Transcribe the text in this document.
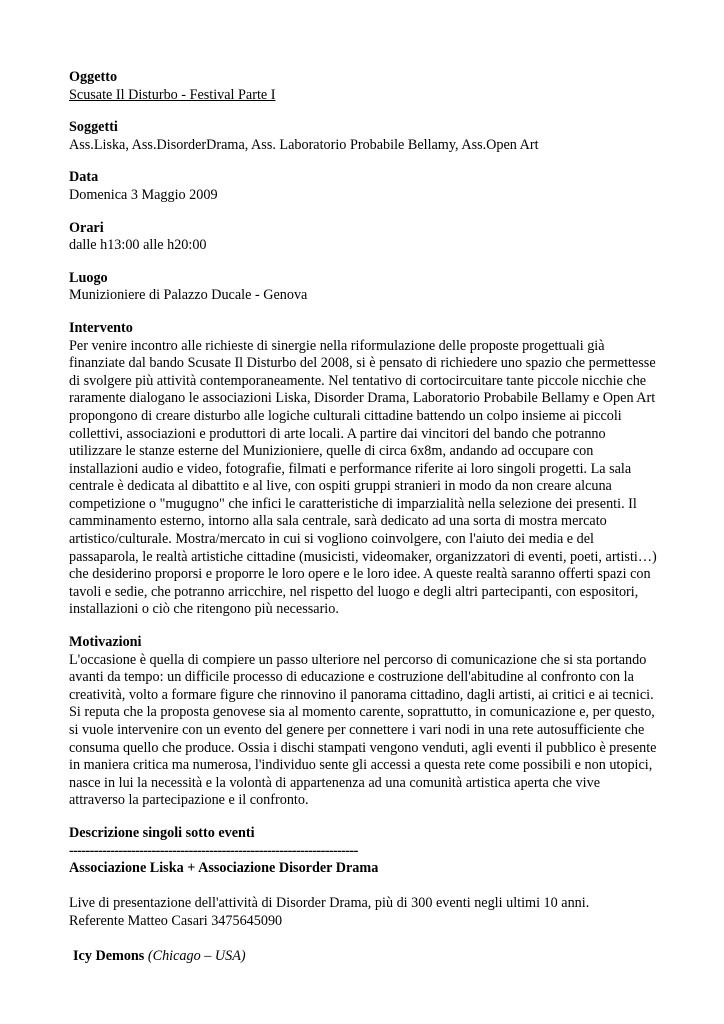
Oggetto
Scusate Il Disturbo - Festival Parte I
Soggetti
Ass.Liska, Ass.DisorderDrama, Ass. Laboratorio Probabile Bellamy, Ass.Open Art
Data
Domenica 3 Maggio 2009
Orari
dalle h13:00 alle h20:00
Luogo
Munizioniere di Palazzo Ducale - Genova
Intervento

Per venire incontro alle richieste di sinergie nella riformulazione delle proposte progettuali già finanziate dal bando Scusate Il Disturbo del 2008, si è pensato di richiedere uno spazio che permettesse di svolgere più attività contemporaneamente. Nel tentativo di cortocircuitare tante piccole nicchie che raramente dialogano le associazioni Liska, Disorder Drama, Laboratorio Probabile Bellamy e Open Art propongono di creare disturbo alle logiche culturali cittadine battendo un colpo insieme ai piccoli collettivi, associazioni e produttori di arte locali. A partire dai vincitori del bando che potranno utilizzare le stanze esterne del Munizioniere, quelle di circa 6x8m, andando ad occupare con installazioni audio e video, fotografie, filmati e performance riferite ai loro singoli progetti. La sala centrale è dedicata al dibattito e al live, con ospiti gruppi stranieri in modo da non creare alcuna competizione o "mugugno" che infici le caratteristiche di imparzialità nella selezione dei presenti. Il camminamento esterno, intorno alla sala centrale, sarà dedicato ad una sorta di mostra mercato artistico/culturale. Mostra/mercato in cui si vogliono coinvolgere, con l'aiuto dei media e del passaparola, le realtà artistiche cittadine (musicisti, videomaker, organizzatori di eventi, poeti, artisti…) che desiderino proporsi e proporre le loro opere e le loro idee. A queste realtà saranno offerti spazi con tavoli e sedie, che potranno arricchire, nel rispetto del luogo e degli altri partecipanti, con espositori, installazioni o ciò che ritengono più necessario.

Motivazioni

L'occasione è quella di compiere un passo ulteriore nel percorso di comunicazione che si sta portando avanti da tempo: un difficile processo di educazione e costruzione dell'abitudine al confronto con la creatività, volto a formare figure che rinnovino il panorama cittadino, dagli artisti, ai critici e ai tecnici. Si reputa che la proposta genovese sia al momento carente, soprattutto, in comunicazione e, per questo, si vuole intervenire con un evento del genere per connettere i vari nodi in una rete autosufficiente che consuma quello che produce. Ossia i dischi stampati vengono venduti, agli eventi il pubblico è presente in maniera critica ma numerosa, l'individuo sente gli accessi a questa rete come possibili e non utopici, nasce in lui la necessità e la volontà di appartenenza ad una comunità artistica aperta che vive attraverso la partecipazione e il confronto.

Descrizione singoli sotto eventi
----------------------------------------------------------------------
Associazione Liska + Associazione Disorder Drama
Live di presentazione dell'attività di Disorder Drama, più di 300 eventi negli ultimi 10 anni.
Referente Matteo Casari 3475645090
Icy Demons (Chicago – USA)
